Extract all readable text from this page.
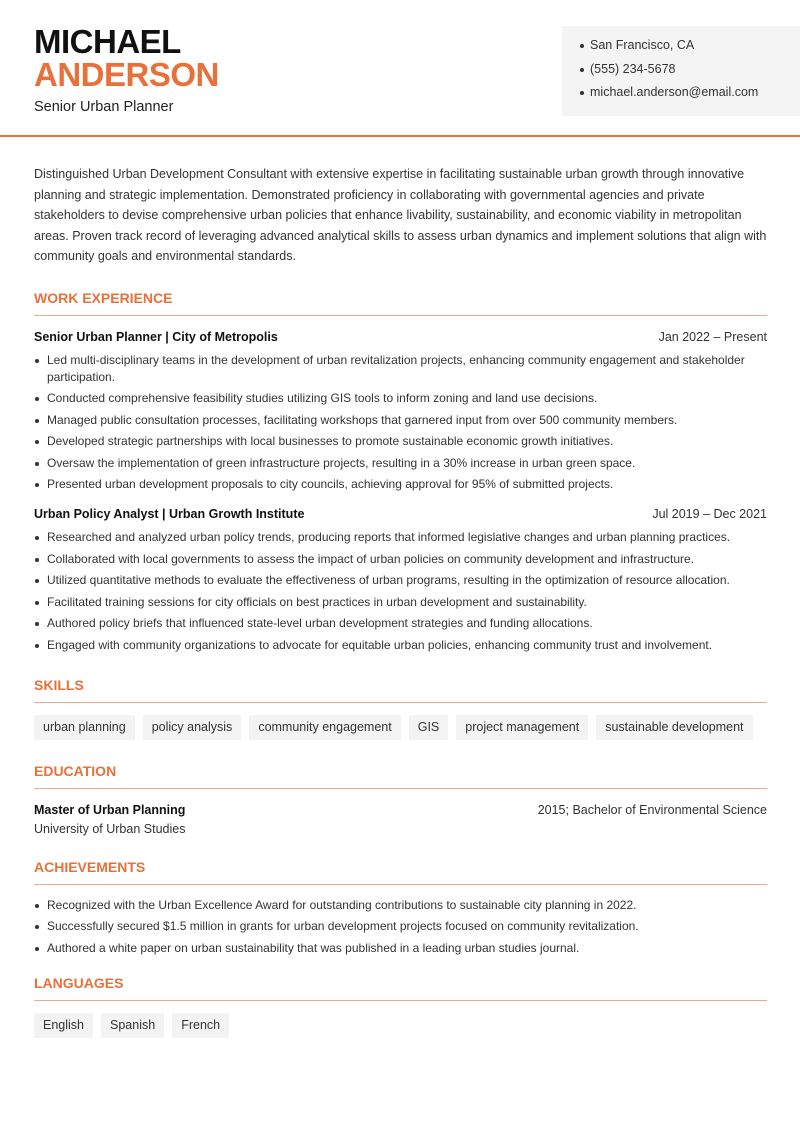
MICHAEL
ANDERSON
Senior Urban Planner
San Francisco, CA
(555) 234-5678
michael.anderson@email.com

Distinguished Urban Development Consultant with extensive expertise in facilitating sustainable urban growth through innovative planning and strategic implementation. Demonstrated proficiency in collaborating with governmental agencies and private stakeholders to devise comprehensive urban policies that enhance livability, sustainability, and economic viability in metropolitan areas. Proven track record of leveraging advanced analytical skills to assess urban dynamics and implement solutions that align with community goals and environmental standards.

WORK EXPERIENCE
Senior Urban Planner | City of Metropolis	Jan 2022 – Present
Led multi-disciplinary teams in the development of urban revitalization projects, enhancing community engagement and stakeholder participation.
Conducted comprehensive feasibility studies utilizing GIS tools to inform zoning and land use decisions.
Managed public consultation processes, facilitating workshops that garnered input from over 500 community members.
Developed strategic partnerships with local businesses to promote sustainable economic growth initiatives.
Oversaw the implementation of green infrastructure projects, resulting in a 30% increase in urban green space.
Presented urban development proposals to city councils, achieving approval for 95% of submitted projects.
Urban Policy Analyst | Urban Growth Institute	Jul 2019 – Dec 2021
Researched and analyzed urban policy trends, producing reports that informed legislative changes and urban planning practices.
Collaborated with local governments to assess the impact of urban policies on community development and infrastructure.
Utilized quantitative methods to evaluate the effectiveness of urban programs, resulting in the optimization of resource allocation.
Facilitated training sessions for city officials on best practices in urban development and sustainability.
Authored policy briefs that influenced state-level urban development strategies and funding allocations.
Engaged with community organizations to advocate for equitable urban policies, enhancing community trust and involvement.
SKILLS
urban planning	policy analysis	community engagement	GIS	project management	sustainable development
EDUCATION
Master of Urban Planning	2015; Bachelor of Environmental Science
University of Urban Studies
ACHIEVEMENTS
Recognized with the Urban Excellence Award for outstanding contributions to sustainable city planning in 2022.
Successfully secured $1.5 million in grants for urban development projects focused on community revitalization.
Authored a white paper on urban sustainability that was published in a leading urban studies journal.
LANGUAGES
English	Spanish	French
